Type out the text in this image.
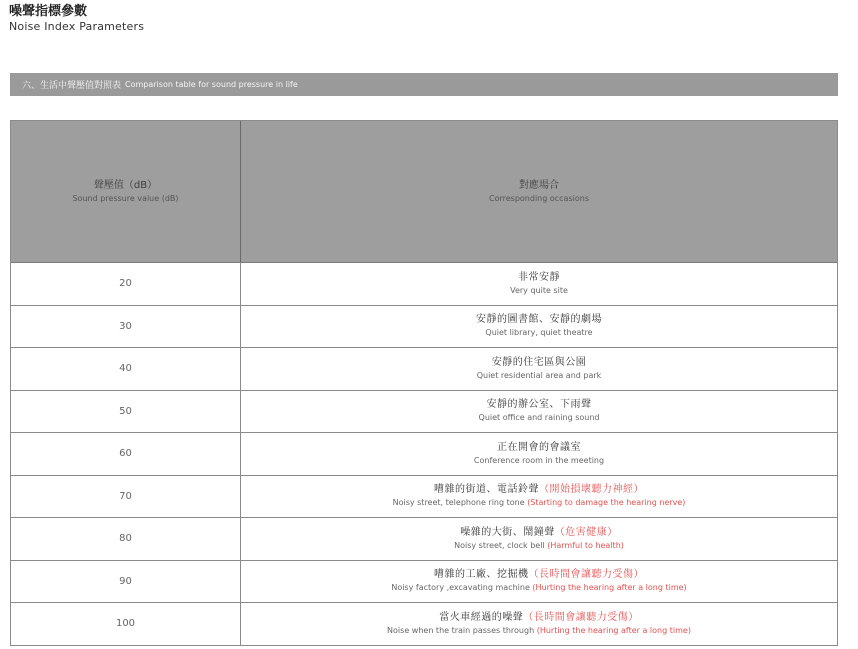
噪聲指標參數
Noise Index Parameters
六、生活中聲壓值對照表 Comparison table for sound pressure in life
聲壓值（dB）
Sound pressure value (dB)
對應場合
Corresponding occasions
20
非常安靜
Very quite site
30
安靜的圖書館、安靜的劇場
Quiet library, quiet theatre
40
安靜的住宅區與公園
Quiet residential area and park
50
安靜的辦公室、下雨聲
Quiet office and raining sound
60
正在開會的會議室
Conference room in the meeting
70
嘈雜的街道、電話鈴聲（開始損壞聽力神經）
Noisy street, telephone ring tone (Starting to damage the hearing nerve)
80
噪雜的大街、鬧鐘聲（危害健康）
Noisy street, clock bell (Harmful to health)
90
嘈雜的工廠、挖掘機（長時間會讓聽力受傷）
Noisy factory ,excavating machine (Hurting the hearing after a long time)
100
當火車經過的噪聲（長時間會讓聽力受傷）
Noise when the train passes through (Hurting the hearing after a long time)
